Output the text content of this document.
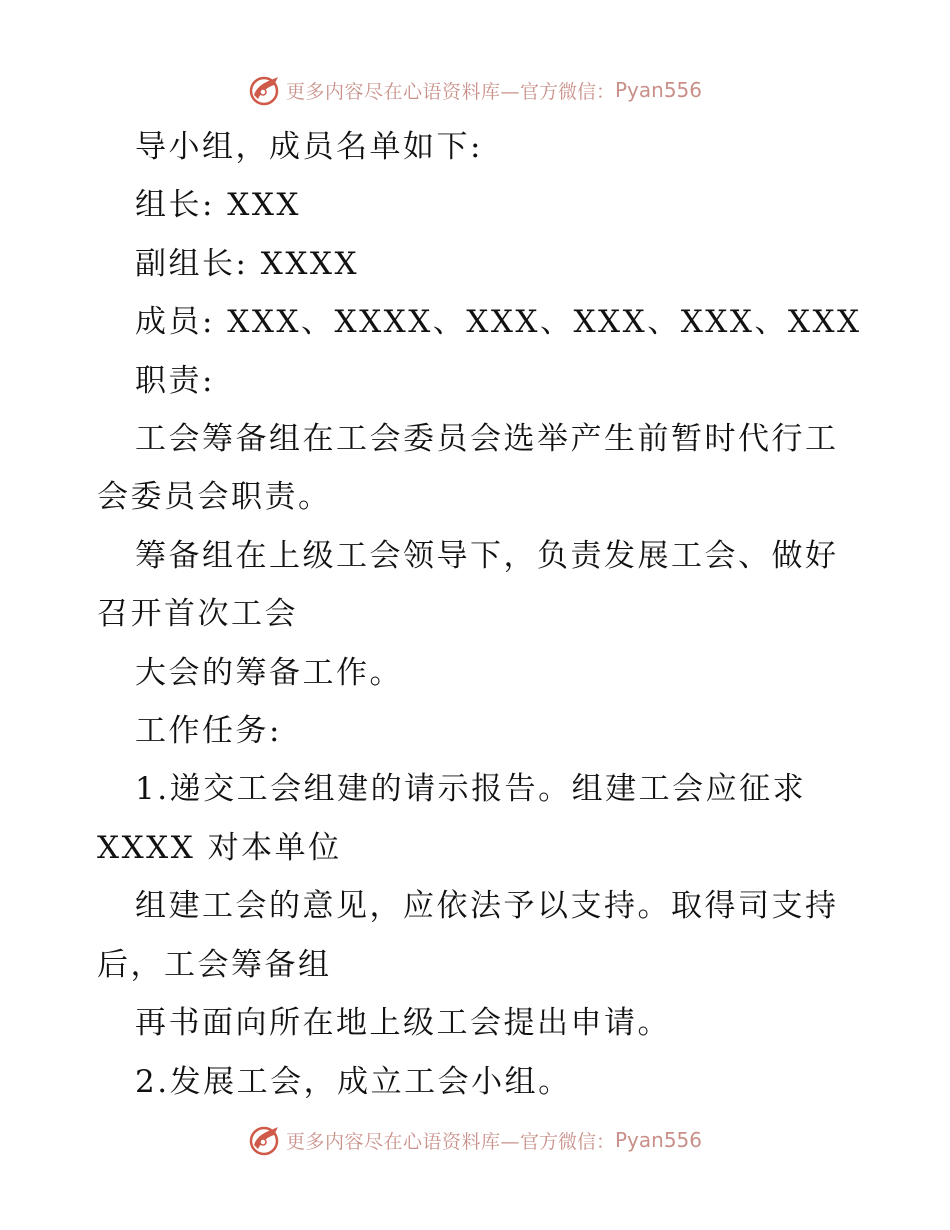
更多内容尽在心语资料库— 官方微信： Pyan556

导小组，成员名单如下:

组长: XXX

副组长: XXXX

成员: XXX、XXXX、XXX、XXX、XXX、XXX

职责:

工会筹备组在工会委员会选举产生前暂时代行工

会委员会职责。

筹备组在上级工会领导下，负责发展工会、做好

召开首次工会

大会的筹备工作。

工作任务:

1.递交工会组建的请示报告。组建工会应征求

XXXX 对本单位

组建工会的意见，应依法予以支持。取得司支持

后，工会筹备组

再书面向所在地上级工会提出申请。

2.发展工会，成立工会小组。

更多内容尽在心语资料库— 官方微信： Pyan556
